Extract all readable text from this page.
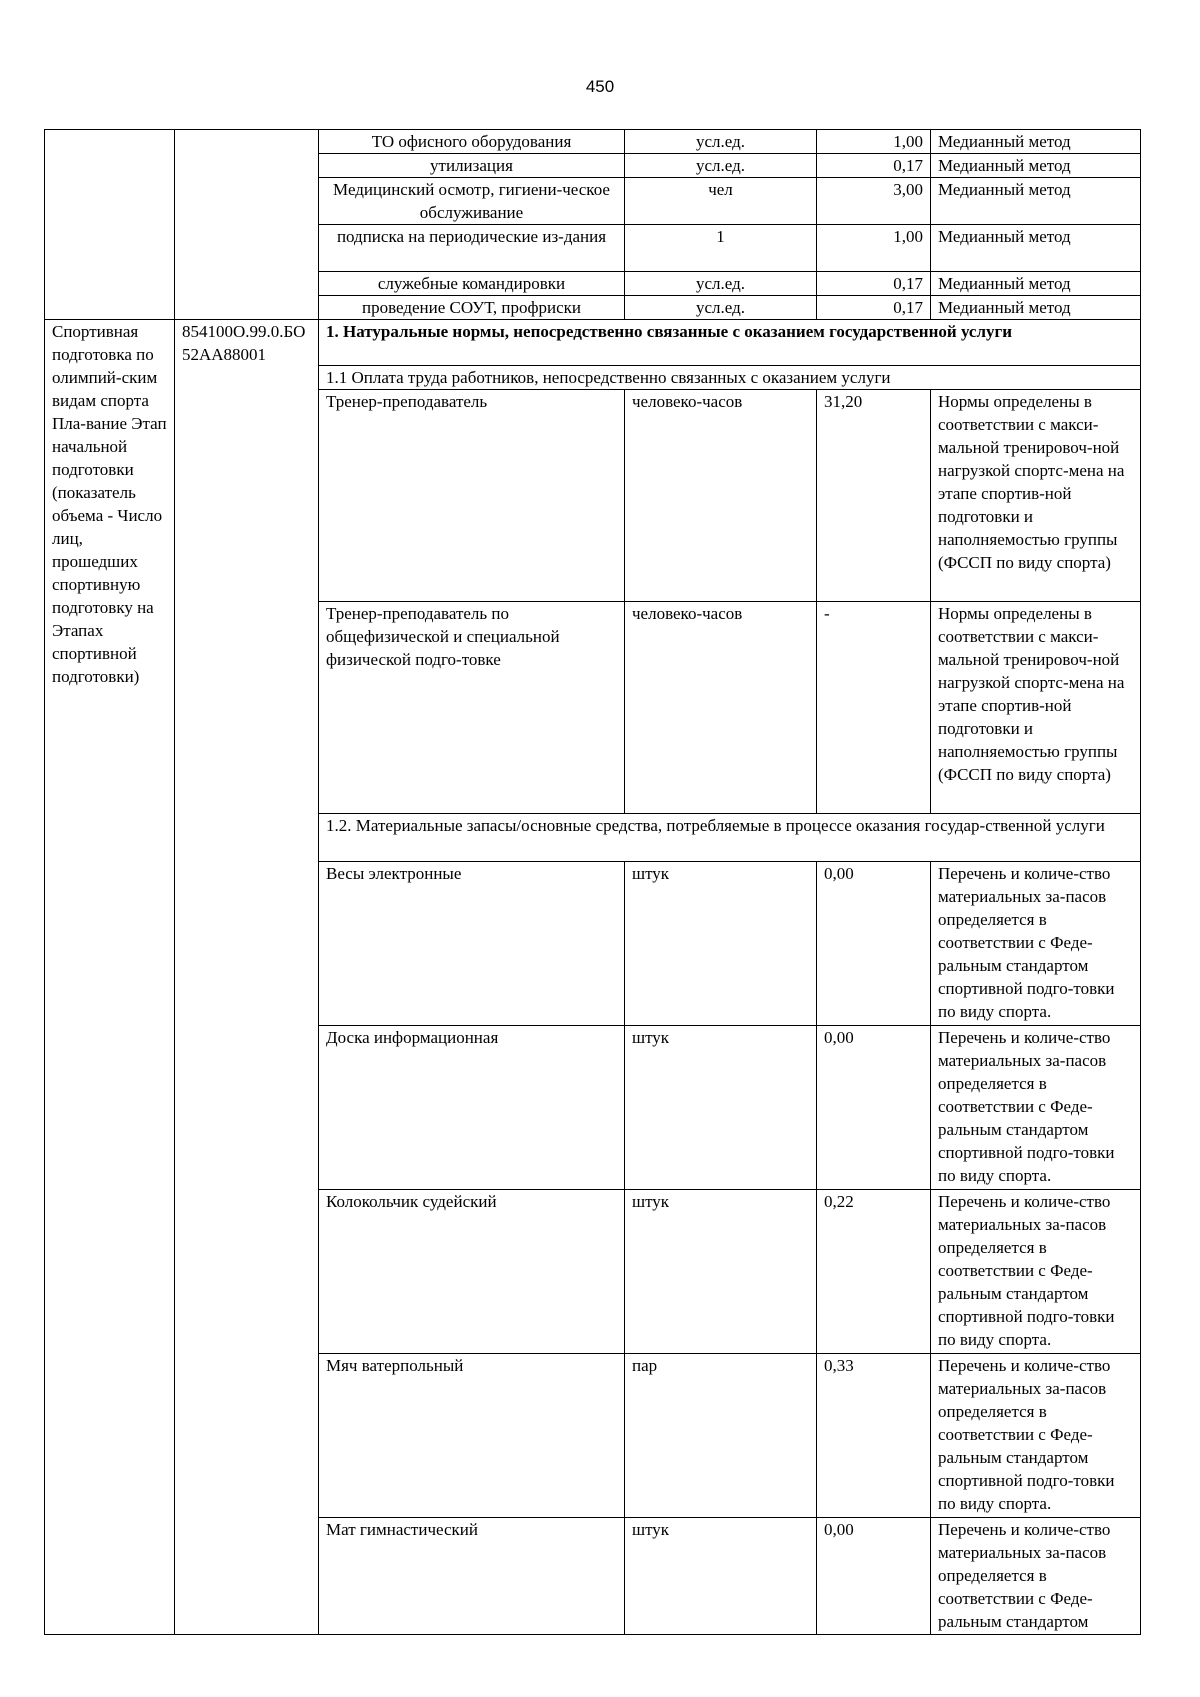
450
		ТО офисного оборудования	усл.ед.	1,00	Медианный метод
		утилизация	усл.ед.	0,17	Медианный метод
		Медицинский осмотр, гигиени-ческое обслуживание	чел	3,00	Медианный метод
		подписка на периодические из-дания	1	1,00	Медианный метод
		служебные командировки	усл.ед.	0,17	Медианный метод
		проведение СОУТ, профриски	усл.ед.	0,17	Медианный метод
Спортивная подготовка по олимпий-ским видам спорта Пла-вание Этап начальной подготовки (показатель объема - Число лиц, прошедших спортивную подготовку на Этапах спортивной подготовки)	854100О.99.0.БО52АА88001	1. Натуральные нормы, непосредственно связанные с оказанием государственной услуги			
		1.1 Оплата труда работников, непосредственно связанных с оказанием услуги			
		Тренер-преподаватель	человеко-часов	31,20	Нормы определены в соответствии с макси-мальной тренировоч-ной нагрузкой спортс-мена на этапе спортив-ной подготовки и наполняемостью группы (ФССП по виду спорта)
		Тренер-преподаватель по общефизической и специальной физической подго-товке	человеко-часов	-	Нормы определены в соответствии с макси-мальной тренировоч-ной нагрузкой спортс-мена на этапе спортив-ной подготовки и наполняемостью группы (ФССП по виду спорта)
		1.2. Материальные запасы/основные средства, потребляемые в процессе оказания государ-ственной услуги			
		Весы электронные	штук	0,00	Перечень и количе-ство материальных за-пасов определяется в соответствии с Феде-ральным стандартом спортивной подго-товки по виду спорта.
		Доска информационная	штук	0,00	Перечень и количе-ство материальных за-пасов определяется в соответствии с Феде-ральным стандартом спортивной подго-товки по виду спорта.
		Колокольчик судейский	штук	0,22	Перечень и количе-ство материальных за-пасов определяется в соответствии с Феде-ральным стандартом спортивной подго-товки по виду спорта.
		Мяч ватерпольный	пар	0,33	Перечень и количе-ство материальных за-пасов определяется в соответствии с Феде-ральным стандартом спортивной подго-товки по виду спорта.
		Мат гимнастический	штук	0,00	Перечень и количе-ство материальных за-пасов определяется в соответствии с Феде-ральным стандартом
